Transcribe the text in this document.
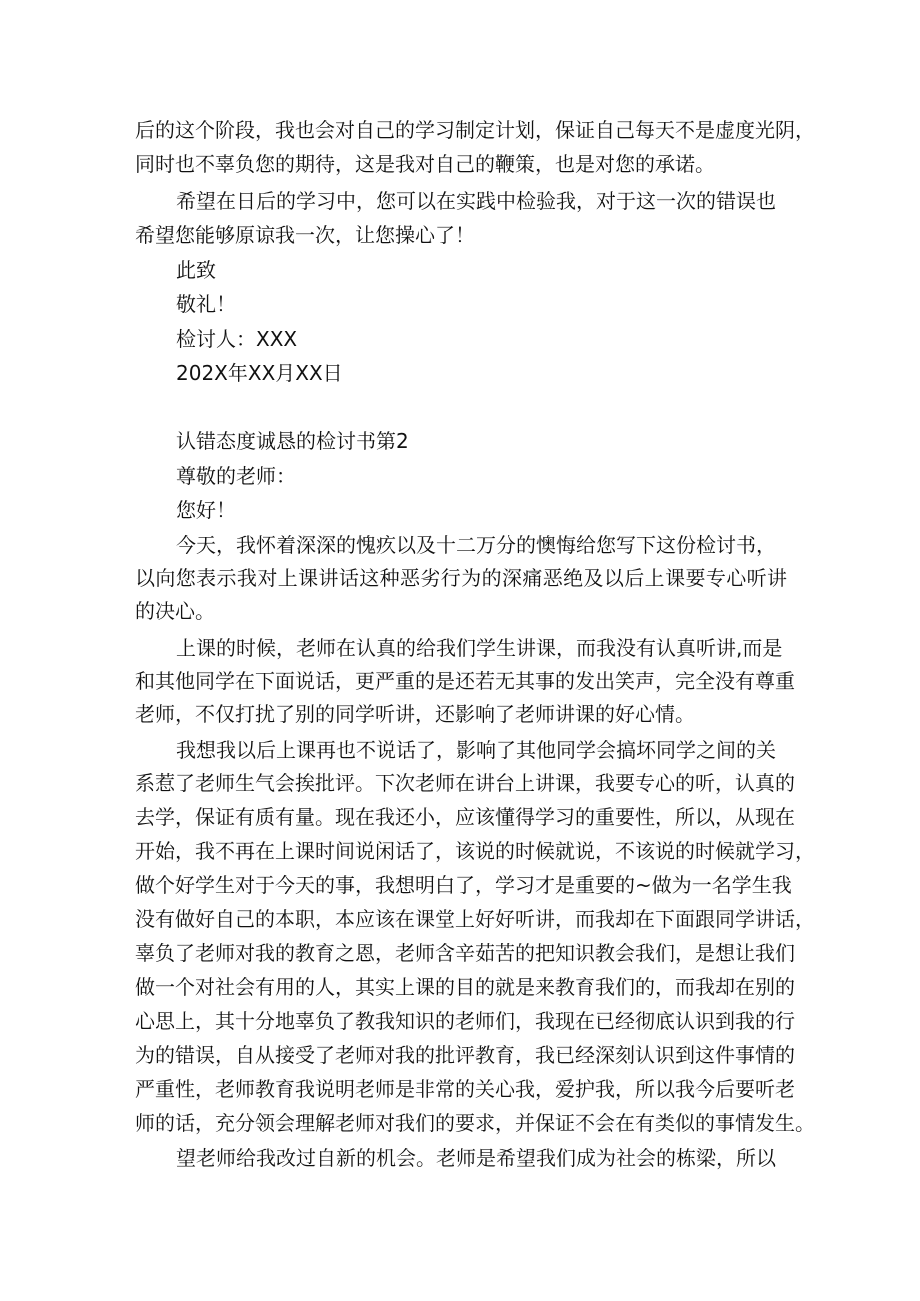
后的这个阶段，我也会对自己的学习制定计划，保证自己每天不是虚度光阴，
同时也不辜负您的期待，这是我对自己的鞭策，也是对您的承诺。
希望在日后的学习中，您可以在实践中检验我，对于这一次的错误也
希望您能够原谅我一次，让您操心了！
此致
敬礼！
检讨人：XXX
202X年XX月XX日
认错态度诚恳的检讨书第2
尊敬的老师：
您好！
今天，我怀着深深的愧疚以及十二万分的懊悔给您写下这份检讨书，
以向您表示我对上课讲话这种恶劣行为的深痛恶绝及以后上课要专心听讲
的决心。
上课的时候，老师在认真的给我们学生讲课，而我没有认真听讲,而是
和其他同学在下面说话，更严重的是还若无其事的发出笑声，完全没有尊重
老师，不仅打扰了别的同学听讲，还影响了老师讲课的好心情。
我想我以后上课再也不说话了，影响了其他同学会搞坏同学之间的关
系惹了老师生气会挨批评。下次老师在讲台上讲课，我要专心的听，认真的
去学，保证有质有量。现在我还小，应该懂得学习的重要性，所以，从现在
开始，我不再在上课时间说闲话了，该说的时候就说，不该说的时候就学习，
做个好学生对于今天的事，我想明白了，学习才是重要的~做为一名学生我
没有做好自己的本职，本应该在课堂上好好听讲，而我却在下面跟同学讲话，
辜负了老师对我的教育之恩，老师含辛茹苦的把知识教会我们，是想让我们
做一个对社会有用的人，其实上课的目的就是来教育我们的，而我却在别的
心思上，其十分地辜负了教我知识的老师们，我现在已经彻底认识到我的行
为的错误，自从接受了老师对我的批评教育，我已经深刻认识到这件事情的
严重性，老师教育我说明老师是非常的关心我，爱护我，所以我今后要听老
师的话，充分领会理解老师对我们的要求，并保证不会在有类似的事情发生。
望老师给我改过自新的机会。老师是希望我们成为社会的栋梁，所以
